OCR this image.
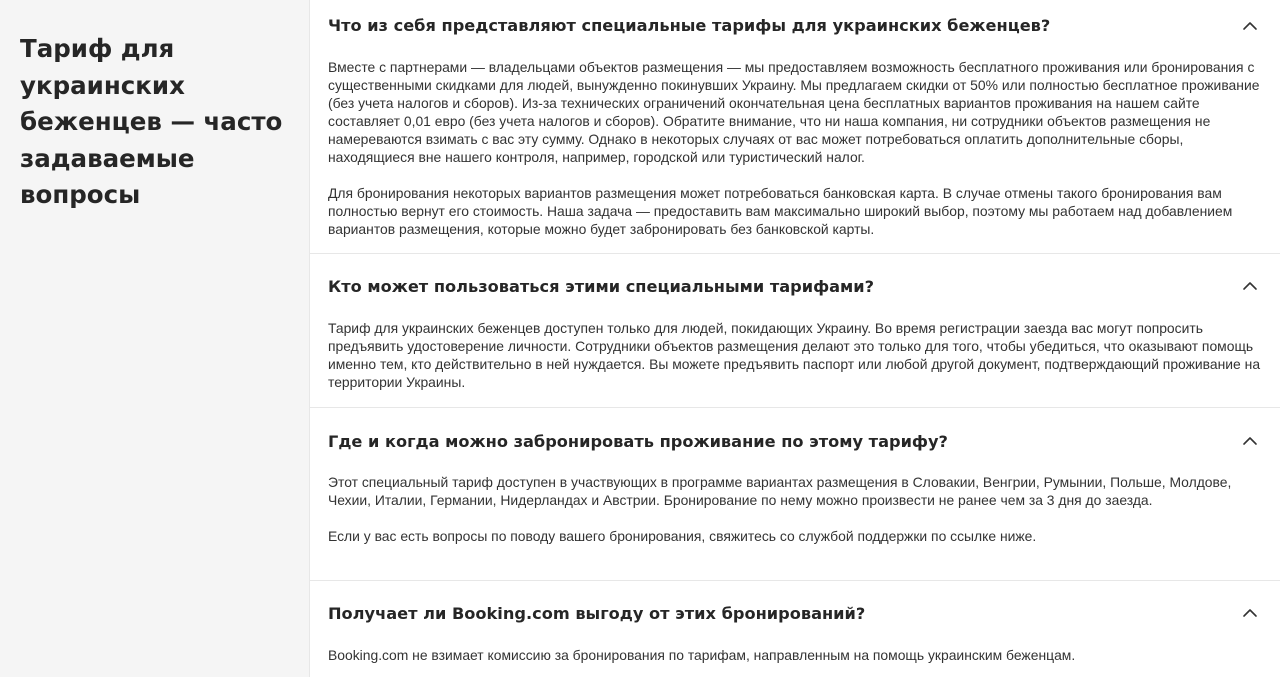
Тариф для украинских беженцев — часто задаваемые вопросы
Что из себя представляют специальные тарифы для украинских беженцев?

Вместе с партнерами — владельцами объектов размещения — мы предоставляем возможность бесплатного проживания или бронирования с существенными скидками для людей, вынужденно покинувших Украину. Мы предлагаем скидки от 50% или полностью бесплатное проживание (без учета налогов и сборов). Из-за технических ограничений окончательная цена бесплатных вариантов проживания на нашем сайте составляет 0,01 евро (без учета налогов и сборов). Обратите внимание, что ни наша компания, ни сотрудники объектов размещения не намереваются взимать с вас эту сумму. Однако в некоторых случаях от вас может потребоваться оплатить дополнительные сборы, находящиеся вне нашего контроля, например, городской или туристический налог.

Для бронирования некоторых вариантов размещения может потребоваться банковская карта. В случае отмены такого бронирования вам полностью вернут его стоимость. Наша задача — предоставить вам максимально широкий выбор, поэтому мы работаем над добавлением вариантов размещения, которые можно будет забронировать без банковской карты.

Кто может пользоваться этими специальными тарифами?

Тариф для украинских беженцев доступен только для людей, покидающих Украину. Во время регистрации заезда вас могут попросить предъявить удостоверение личности. Сотрудники объектов размещения делают это только для того, чтобы убедиться, что оказывают помощь именно тем, кто действительно в ней нуждается. Вы можете предъявить паспорт или любой другой документ, подтверждающий проживание на территории Украины.

Где и когда можно забронировать проживание по этому тарифу?

Этот специальный тариф доступен в участвующих в программе вариантах размещения в Словакии, Венгрии, Румынии, Польше, Молдове, Чехии, Италии, Германии, Нидерландах и Австрии. Бронирование по нему можно произвести не ранее чем за 3 дня до заезда.

Если у вас есть вопросы по поводу вашего бронирования, свяжитесь со службой поддержки по ссылке ниже.

Получает ли Booking.com выгоду от этих бронирований?

Booking.com не взимает комиссию за бронирования по тарифам, направленным на помощь украинским беженцам.
